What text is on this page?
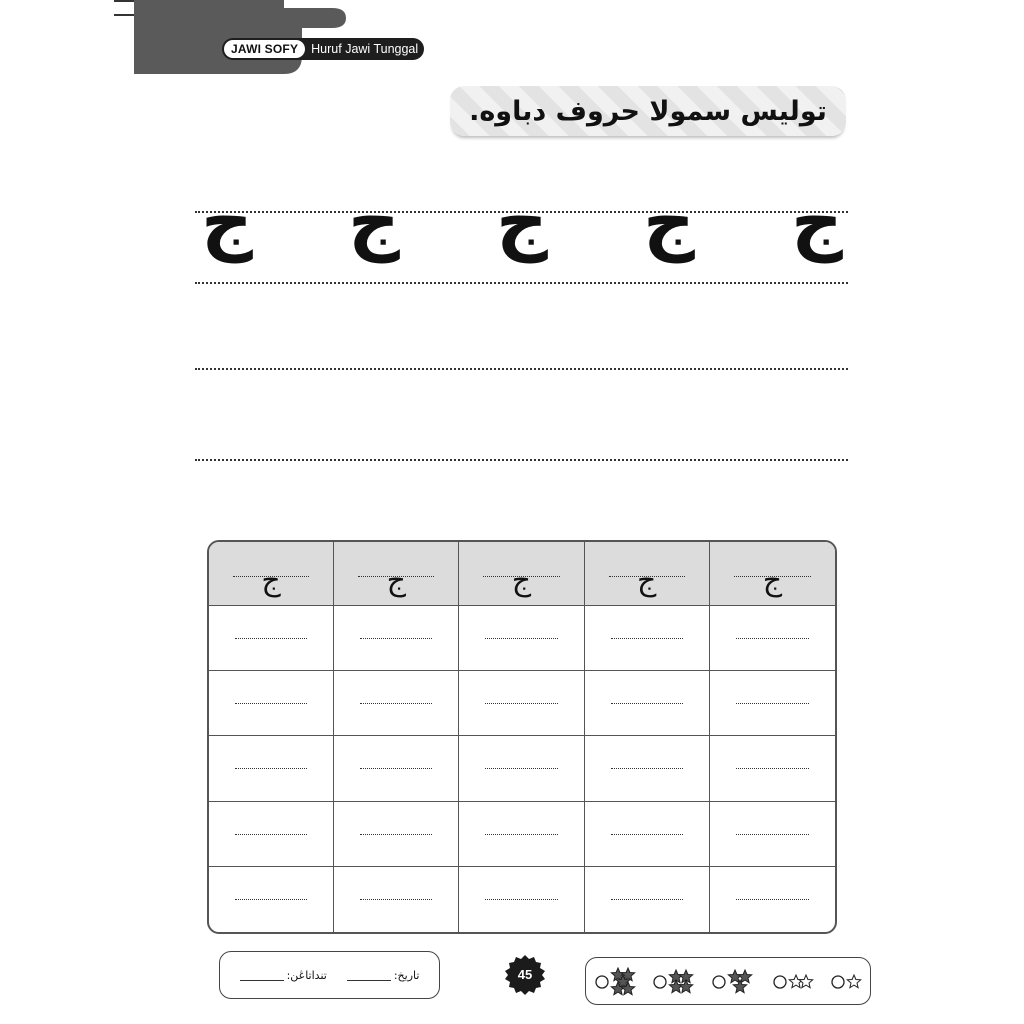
JAWI SOFY	Huruf Jawi Tunggal
توليس سمولا حروف دباوه.
ج ج ج ج ج
ج	ج	ج	ج	ج
تاريخ:
تنداتاڠن:	45
